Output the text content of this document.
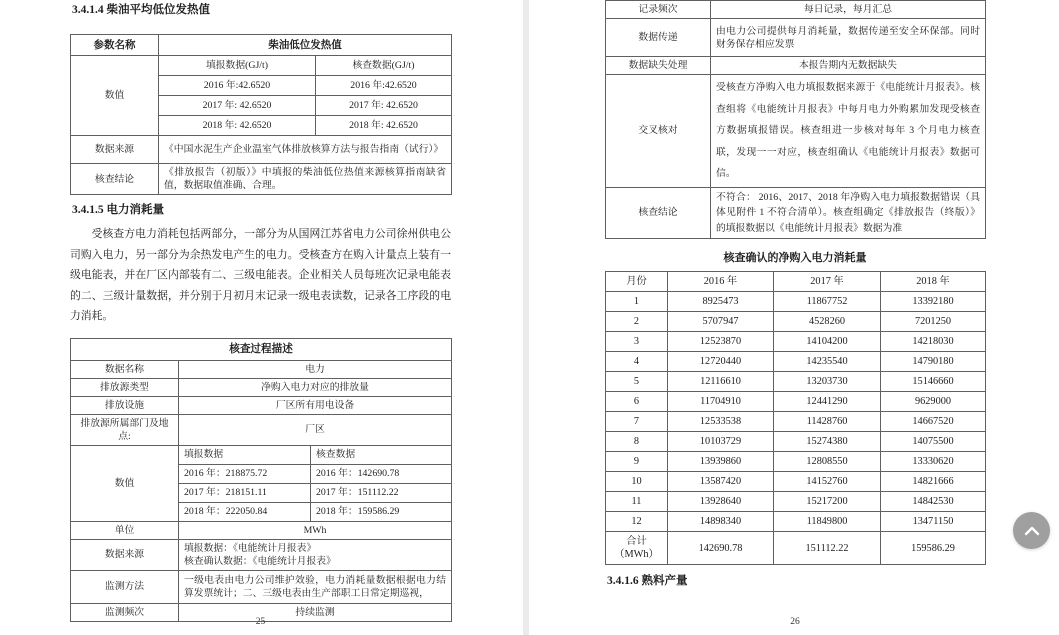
3.4.1.4 柴油平均低位发热值
参数名称	柴油低位发热值	
数值	填报数据(GJ/t)	核查数据(GJ/t)
	2016 年:42.6520	2016 年:42.6520
	2017 年: 42.6520	2017 年: 42.6520
	2018 年: 42.6520	2018 年: 42.6520
数据来源	《中国水泥生产企业温室气体排放核算方法与报告指南（试行）》	
核查结论	《排放报告（初版）》中填报的柴油低位热值来源核算指南缺省值，数据取值准确、合理。	
3.4.1.5 电力消耗量

受核查方电力消耗包括两部分，一部分为从国网江苏省电力公司徐州供电公司购入电力，另一部分为余热发电产生的电力。受核查方在购入计量点上装有一级电能表，并在厂区内部装有二、三级电能表。企业相关人员每班次记录电能表的二、三级计量数据，并分别于月初月末记录一级电表读数，记录各工序段的电力消耗。

核查过程描述		
数据名称	电力	
排放源类型	净购入电力对应的排放量	
排放设施	厂区所有用电设备	
排放源所属部门及地点:	厂区	
数值	填报数据	核查数据
	2016 年：218875.72	2016 年：142690.78
	2017 年：218151.11	2017 年：151112.22
	2018 年：222050.84	2018 年：159586.29
单位	MWh	
数据来源	填报数据：《电能统计月报表》
核查确认数据：《电能统计月报表》	

监测方法	一级电表由电力公司维护效验，电力消耗量数据根据电力结算发票统计；二、三级电表由生产部职工日常定期巡视，	
监测频次	持续监测	
25
记录频次	每日记录，每月汇总
数据传递	由电力公司提供每月消耗量，数据传递至安全环保部。同时财务保存相应发票
数据缺失处理	本报告期内无数据缺失
交叉核对	受核查方净购入电力填报数据来源于《电能统计月报表》。核查组将《电能统计月报表》中每月电力外购累加发现受核查方数据填报错误。核查组进一步核对每年 3 个月电力核查联，发现一一对应，核查组确认《电能统计月报表》数据可信。
核查结论	不符合： 2016、2017、2018 年净购入电力填报数据错误（具体见附件 1 不符合清单）。核查组确定《排放报告（终版）》的填报数据以《电能统计月报表》数据为准
核查确认的净购入电力消耗量
月份	2016 年	2017 年	2018 年
1	8925473	11867752	13392180
2	5707947	4528260	7201250
3	12523870	14104200	14218030
4	12720440	14235540	14790180
5	12116610	13203730	15146660
6	11704910	12441290	9629000
7	12533538	11428760	14667520
8	10103729	15274380	14075500
9	13939860	12808550	13330620
10	13587420	14152760	14821666
11	13928640	15217200	14842530
12	14898340	11849800	13471150

合计
（MWh）	142690.78	151112.22	159586.29
3.4.1.6 熟料产量
26
